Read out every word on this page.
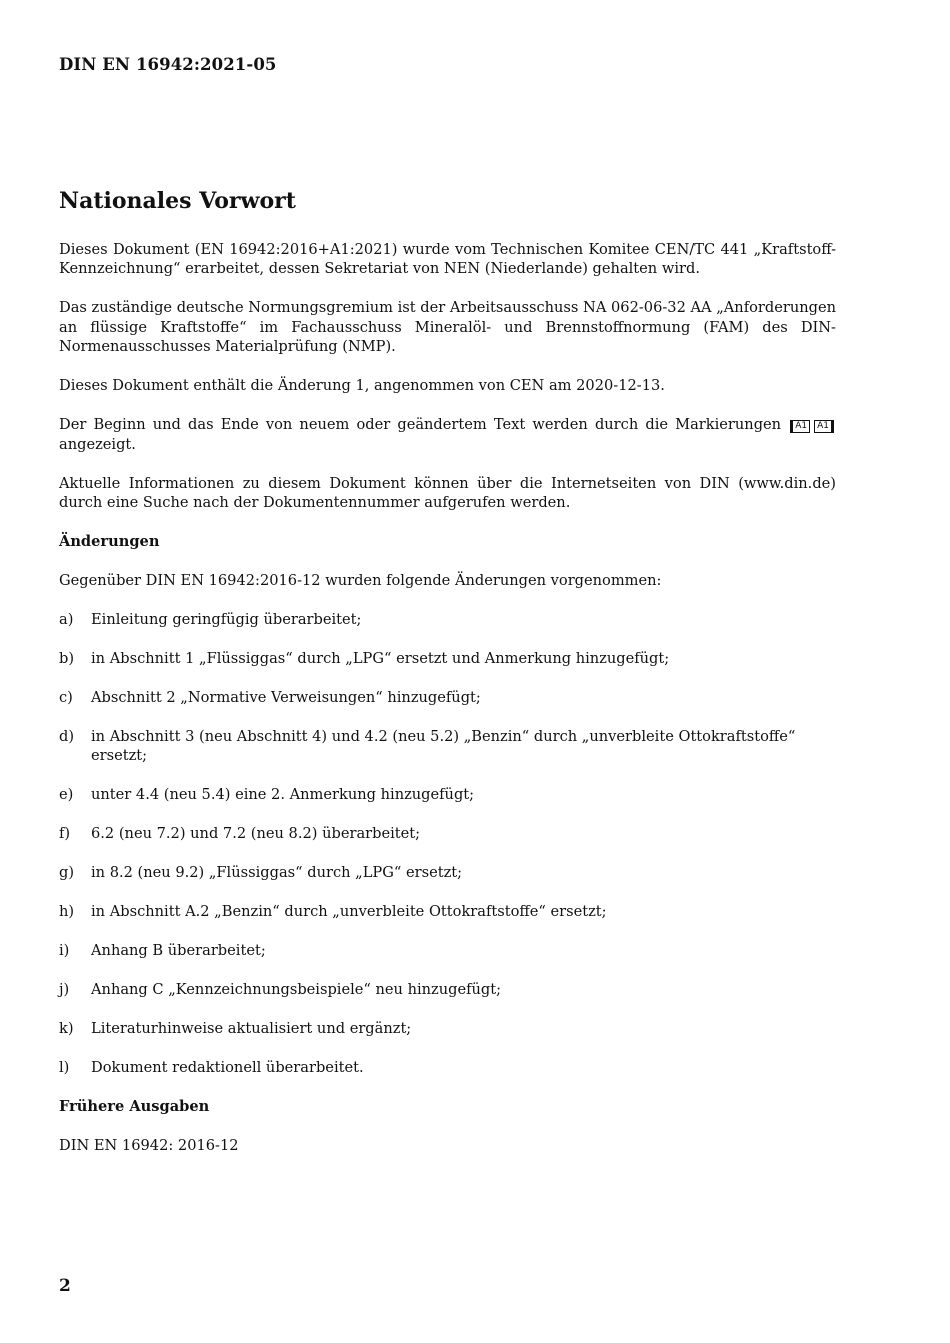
DIN EN 16942:2021-05
Nationales Vorwort

Dieses Dokument (EN 16942:2016+A1:2021) wurde vom Technischen Komitee CEN/TC 441 „Kraftstoff-Kennzeichnung“ erarbeitet, dessen Sekretariat von NEN (Niederlande) gehalten wird.

Das zuständige deutsche Normungsgremium ist der Arbeitsausschuss NA 062-06-32 AA „Anforderungen an flüssige Kraftstoffe“ im Fachausschuss Mineralöl- und Brennstoffnormung (FAM) des DIN-Normenausschusses Materialprüfung (NMP).

Dieses Dokument enthält die Änderung 1, angenommen von CEN am 2020-12-13.

Der Beginn und das Ende von neuem oder geändertem Text werden durch die Markierungen A1 A1 angezeigt.

Aktuelle Informationen zu diesem Dokument können über die Internetseiten von DIN (www.din.de) durch eine Suche nach der Dokumentennummer aufgerufen werden.

Änderungen

Gegenüber DIN EN 16942:2016-12 wurden folgende Änderungen vorgenommen:

a)	Einleitung geringfügig überarbeitet;
b)	in Abschnitt 1 „Flüssiggas“ durch „LPG“ ersetzt und Anmerkung hinzugefügt;
c)	Abschnitt 2 „Normative Verweisungen“ hinzugefügt;
d)	in Abschnitt 3 (neu Abschnitt 4) und 4.2 (neu 5.2) „Benzin“ durch „unverbleite Ottokraftstoffe“ ersetzt;
e)	unter 4.4 (neu 5.4) eine 2. Anmerkung hinzugefügt;
f)	6.2 (neu 7.2) und 7.2 (neu 8.2) überarbeitet;
g)	in 8.2 (neu 9.2) „Flüssiggas“ durch „LPG“ ersetzt;
h)	in Abschnitt A.2 „Benzin“ durch „unverbleite Ottokraftstoffe“ ersetzt;
i)	Anhang B überarbeitet;
j)	Anhang C „Kennzeichnungsbeispiele“ neu hinzugefügt;
k)	Literaturhinweise aktualisiert und ergänzt;
l)	Dokument redaktionell überarbeitet.
Frühere Ausgaben

DIN EN 16942: 2016-12

2
